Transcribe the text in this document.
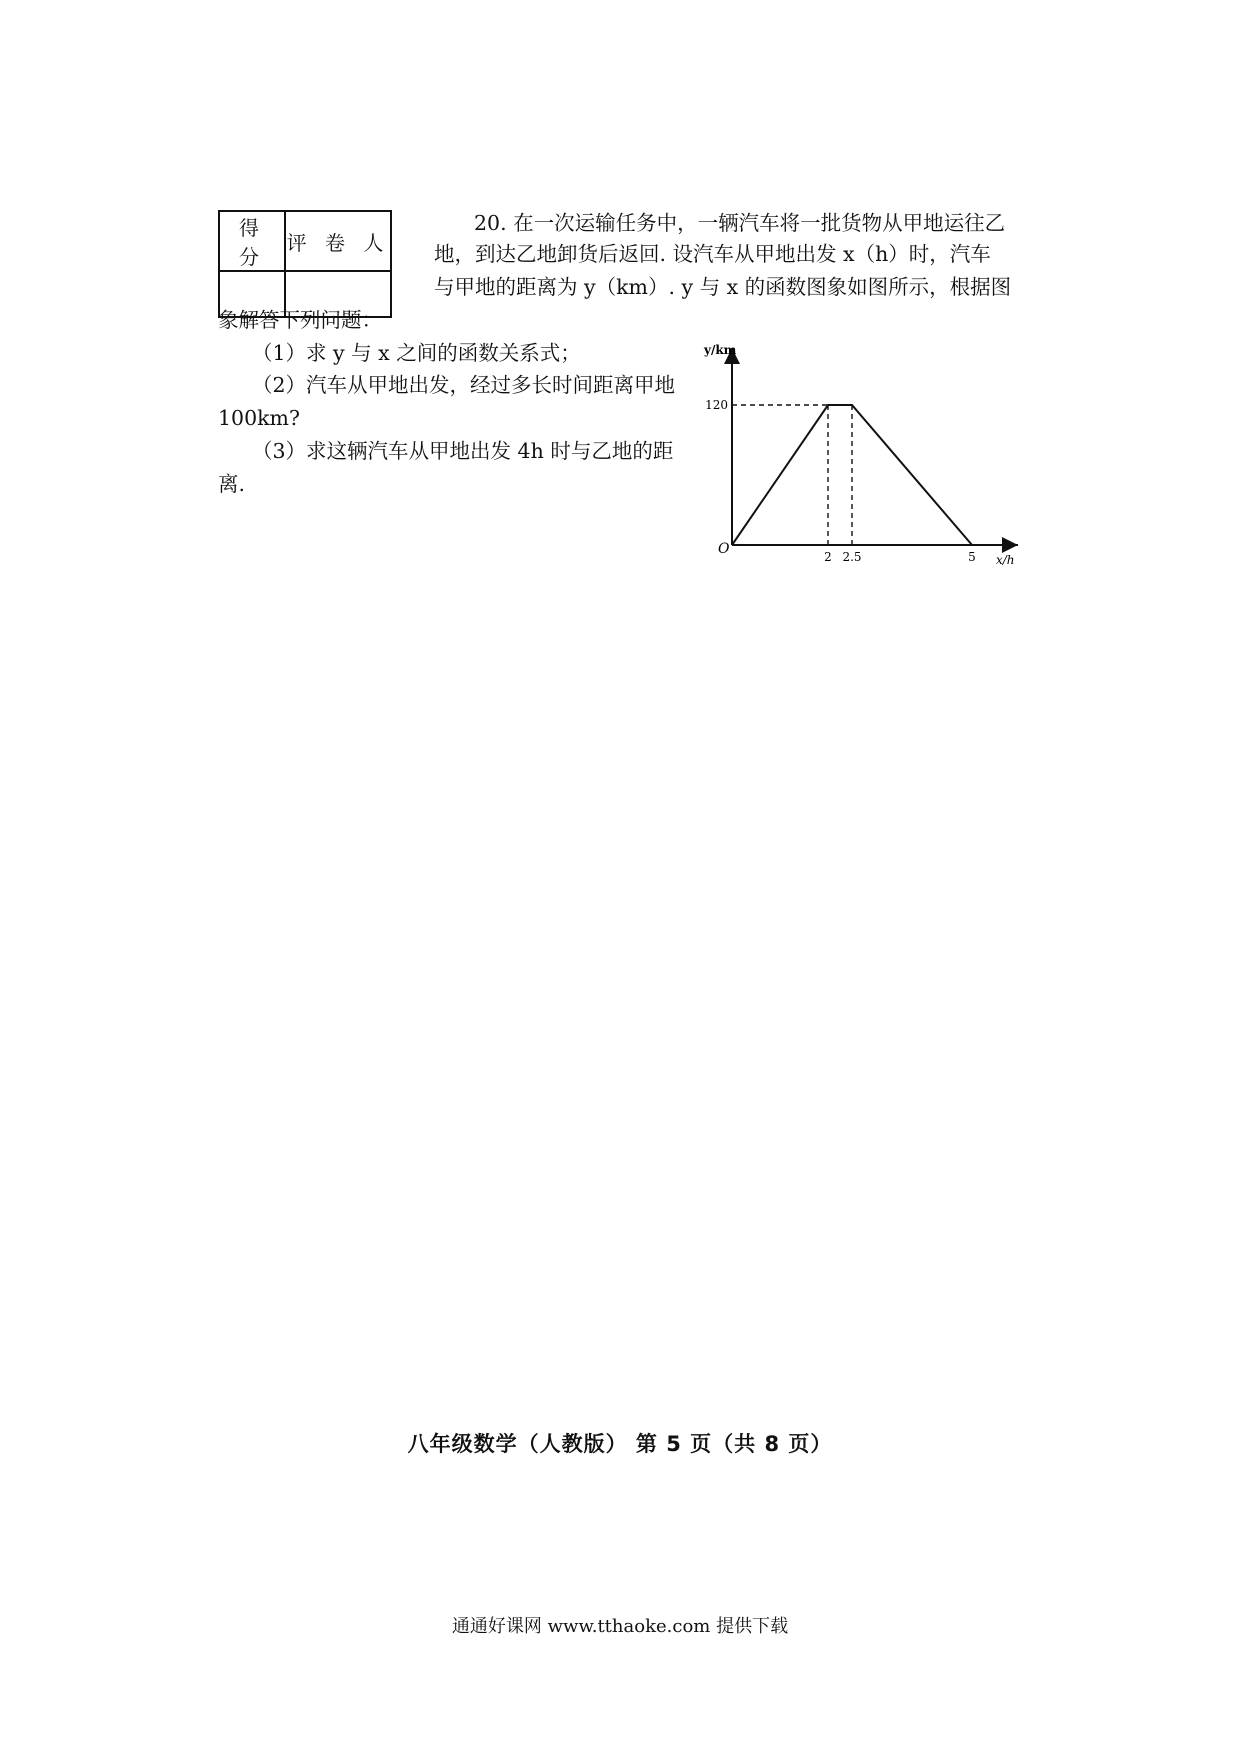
得 分	评 卷 人

20. 在一次运输任务中，一辆汽车将一批货物从甲地运往乙
地，到达乙地卸货后返回. 设汽车从甲地出发 x（h）时，汽车
与甲地的距离为 y（km）. y 与 x 的函数图象如图所示，根据图
象解答下列问题：
（1）求 y 与 x 之间的函数关系式；
（2）汽车从甲地出发，经过多长时间距离甲地
100km?
（3）求这辆汽车从甲地出发 4h 时与乙地的距
离.
y/km
x/h
O	2 2.5	5
120
八年级数学（人教版） 第 5 页（共 8 页）
通通好课网 www.tthaoke.com 提供下载
